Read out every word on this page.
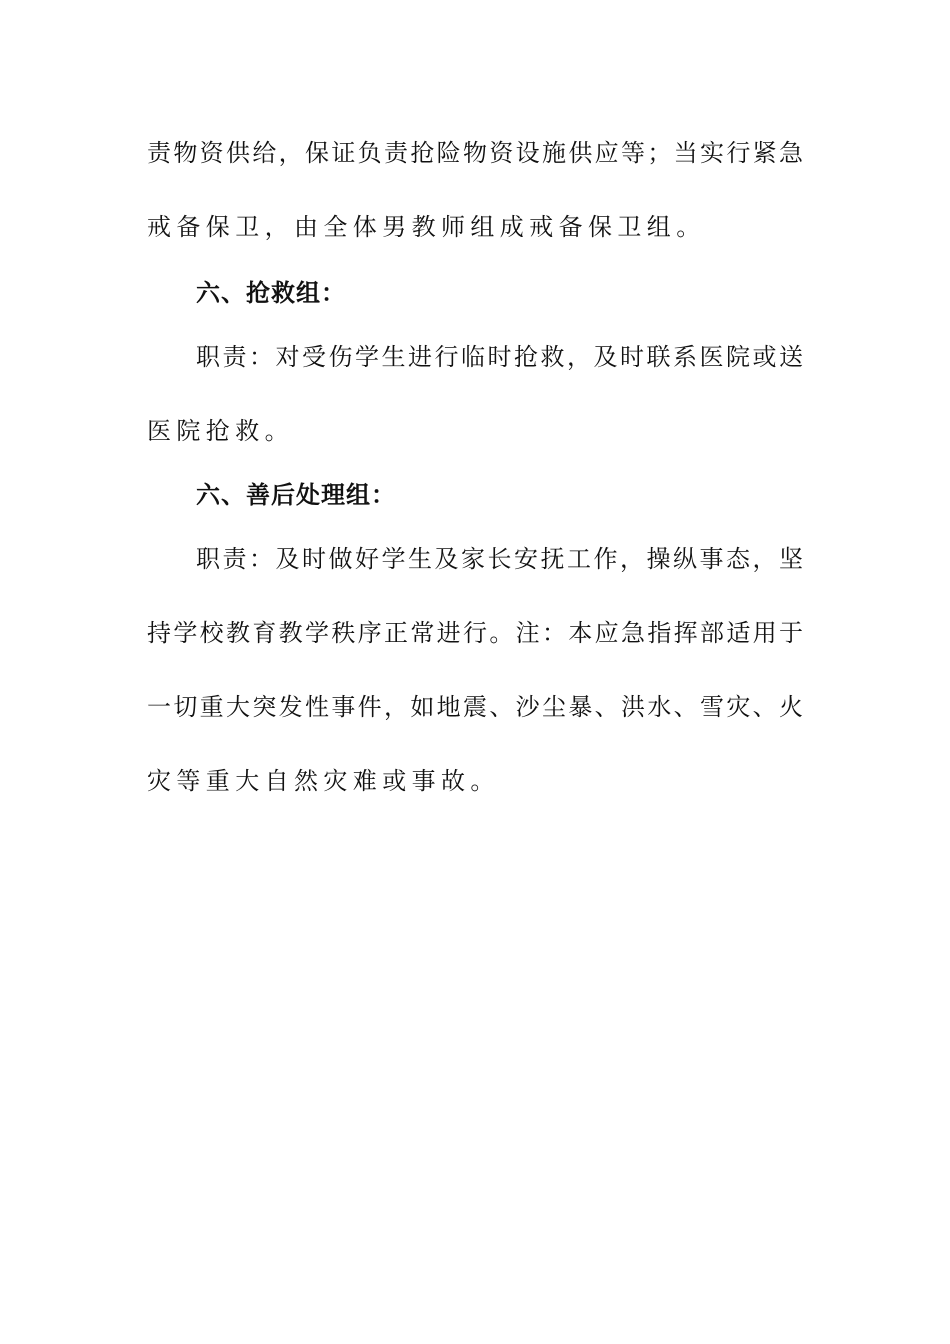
责物资供给，保证负责抢险物资设施供应等；当实行紧急
戒备保卫，由全体男教师组成戒备保卫组。
六、抢救组：
职责：对受伤学生进行临时抢救，及时联系医院或送
医院抢救。
六、善后处理组：
职责：及时做好学生及家长安抚工作，操纵事态，坚
持学校教育教学秩序正常进行。注：本应急指挥部适用于
一切重大突发性事件，如地震、沙尘暴、洪水、雪灾、火
灾等重大自然灾难或事故。
